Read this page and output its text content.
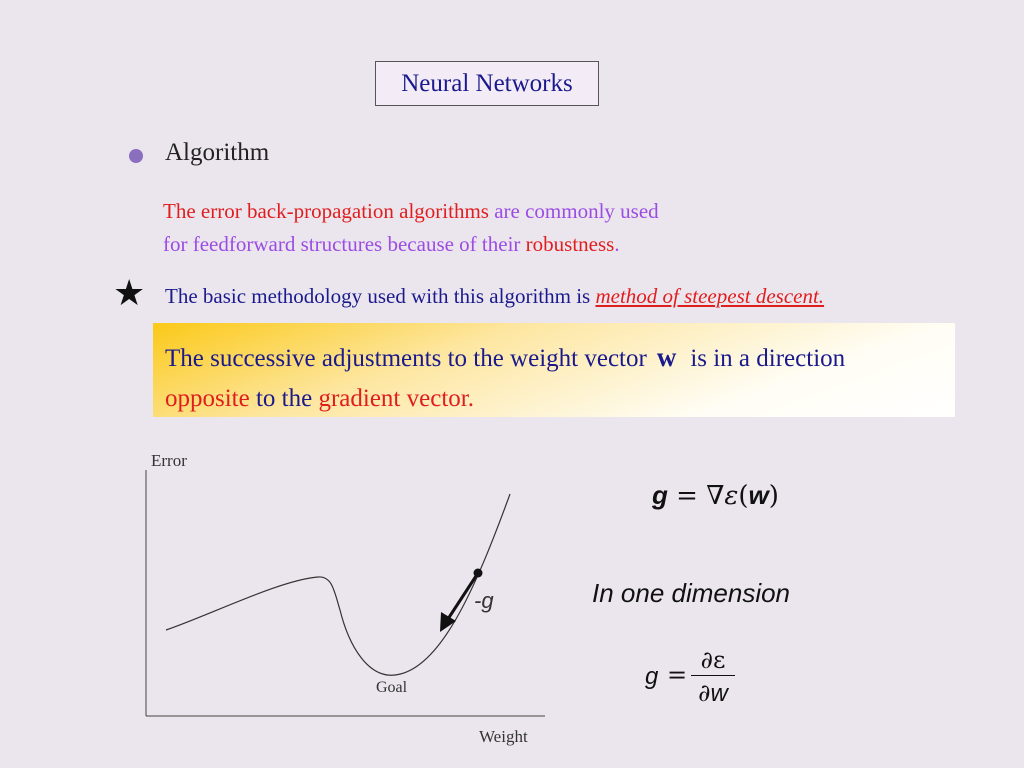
Neural Networks
Algorithm
The error back-propagation algorithms are commonly used
for feedforward structures because of their robustness.
★ The basic methodology used with this algorithm is method of steepest descent.
The successive adjustments to the weight vector w is in a direction
opposite to the gradient vector.
Error
Weight
Goal
-g
g = ∇ε(w)
In one dimension
g =
∂ε
∂w
